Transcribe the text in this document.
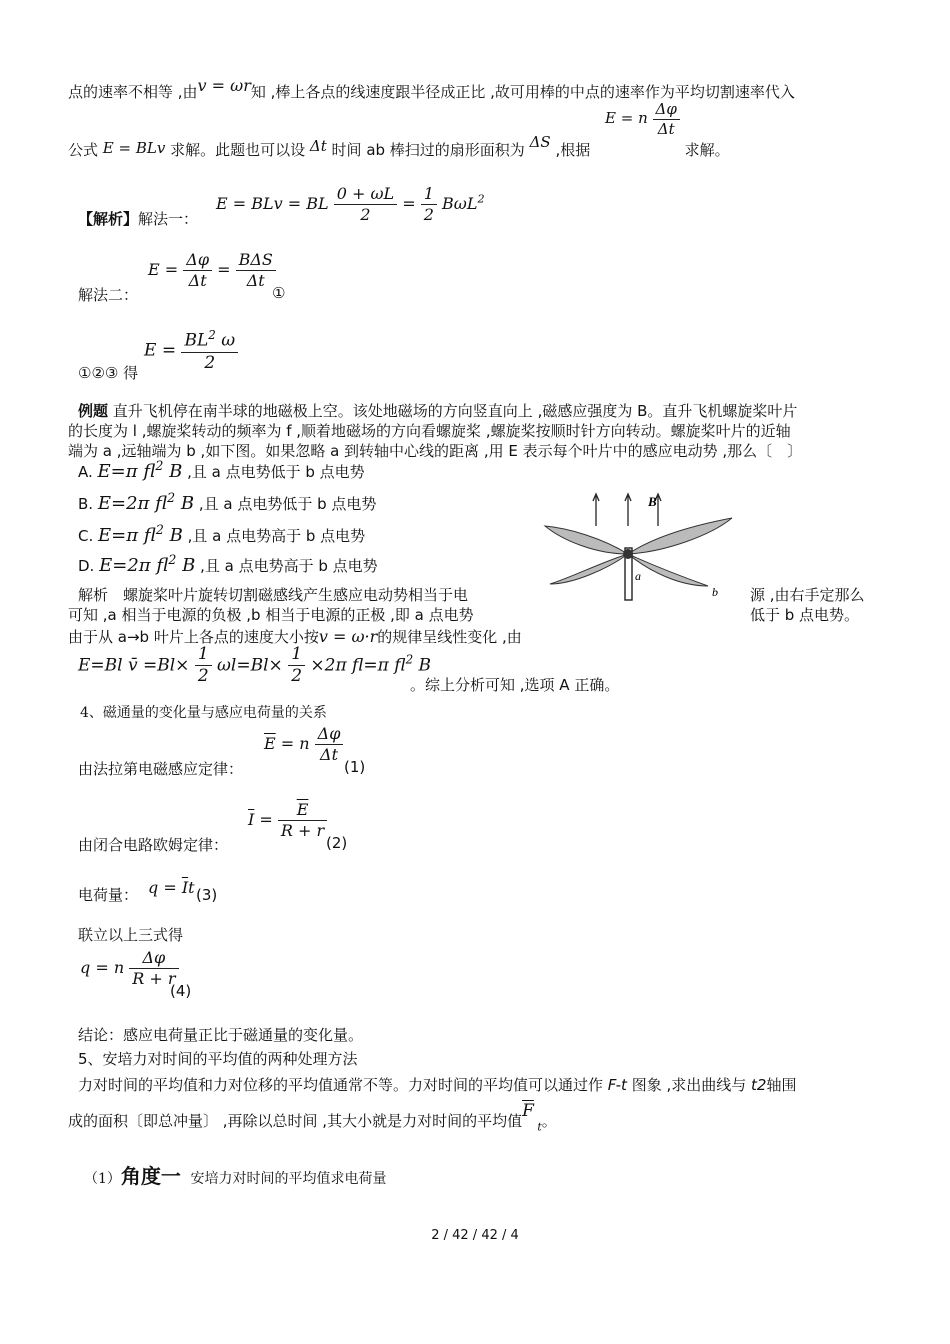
点的速率不相等 ,由v = ωr知 ,棒上各点的线速度跟半径成正比 ,故可用棒的中点的速率作为平均切割速率代入
公式 E = BLv 求解。此题也可以设 Δt 时间 ab 棒扫过的扇形面积为 ΔS ,根据 E = n $\frac{\Delta\varphi}{\Delta t}$
求解。
【解析】解法一：
E = BLv = BL $\frac{0 + \omega L}{2} = \frac{1}{2} B\omega L^2$
解法二：
$E = \frac{\Delta\varphi}{\Delta t} = \frac{\text{BΔS}}{\Delta t}$
①
①②③ 得
$E = \frac{BL^2 \omega}{2}$
例题 直升飞机停在南半球的地磁极上空。该处地磁场的方向竖直向上 ,磁感应强度为 B。直升飞机螺旋桨叶片
的长度为 l ,螺旋桨转动的频率为 f ,顺着地磁场的方向看螺旋桨 ,螺旋桨按顺时针方向转动。螺旋桨叶片的近轴
端为 a ,远轴端为 b ,如下图。如果忽略 a 到转轴中心线的距离 ,用 E 表示每个叶片中的感应电动势 ,那么〔　〕
A. E=π $fl^2$ B ,且 a 点电势低于 b 点电势
B. E=2π $fl^2$ B ,且 a 点电势低于 b 点电势
C. E=π $fl^2$ B ,且 a 点电势高于 b 点电势
D. E=2π $fl^2$ B ,且 a 点电势高于 b 点电势
B
a
b
解析　螺旋桨叶片旋转切割磁感线产生感应电动势相当于电	源 ,由右手定那么
可知 ,a 相当于电源的负极 ,b 相当于电源的正极 ,即 a 点电势	低于 b 点电势。
由于从 a→b 叶片上各点的速度大小按v = ω·r的规律呈线性变化 ,由
E=Bl v̄ $=Bl\times \frac{1}{2} \omega l=Bl\times \frac{1}{2} \times 2\pi$ fl=π $fl^2$ B
。综上分析可知 ,选项 A 正确。
4、磁通量的变化量与感应电荷量的关系
由法拉第电磁感应定律：
$\overline{E} = n \frac{\Delta\varphi}{\Delta t}$
(1)
由闭合电路欧姆定律：
$\overline{I} = \frac{\overline{E}}{R + r}$
(2)
电荷量： $q = \overline{I}t$ (3)
联立以上三式得
q = n $\frac{\Delta\varphi}{R + r}$
(4)
结论：感应电荷量正比于磁通量的变化量。
5、安培力对时间的平均值的两种处理方法
力对时间的平均值和力对位移的平均值通常不等。力对时间的平均值可以通过作 F-t 图象 ,求出曲线与 t2轴围
成的面积〔即总冲量〕 ,再除以总时间 ,其大小就是力对时间的平均值$\overline{F}$ $_t$。
（1）角度一 安培力对时间的平均值求电荷量
2 / 42 / 42 / 4
